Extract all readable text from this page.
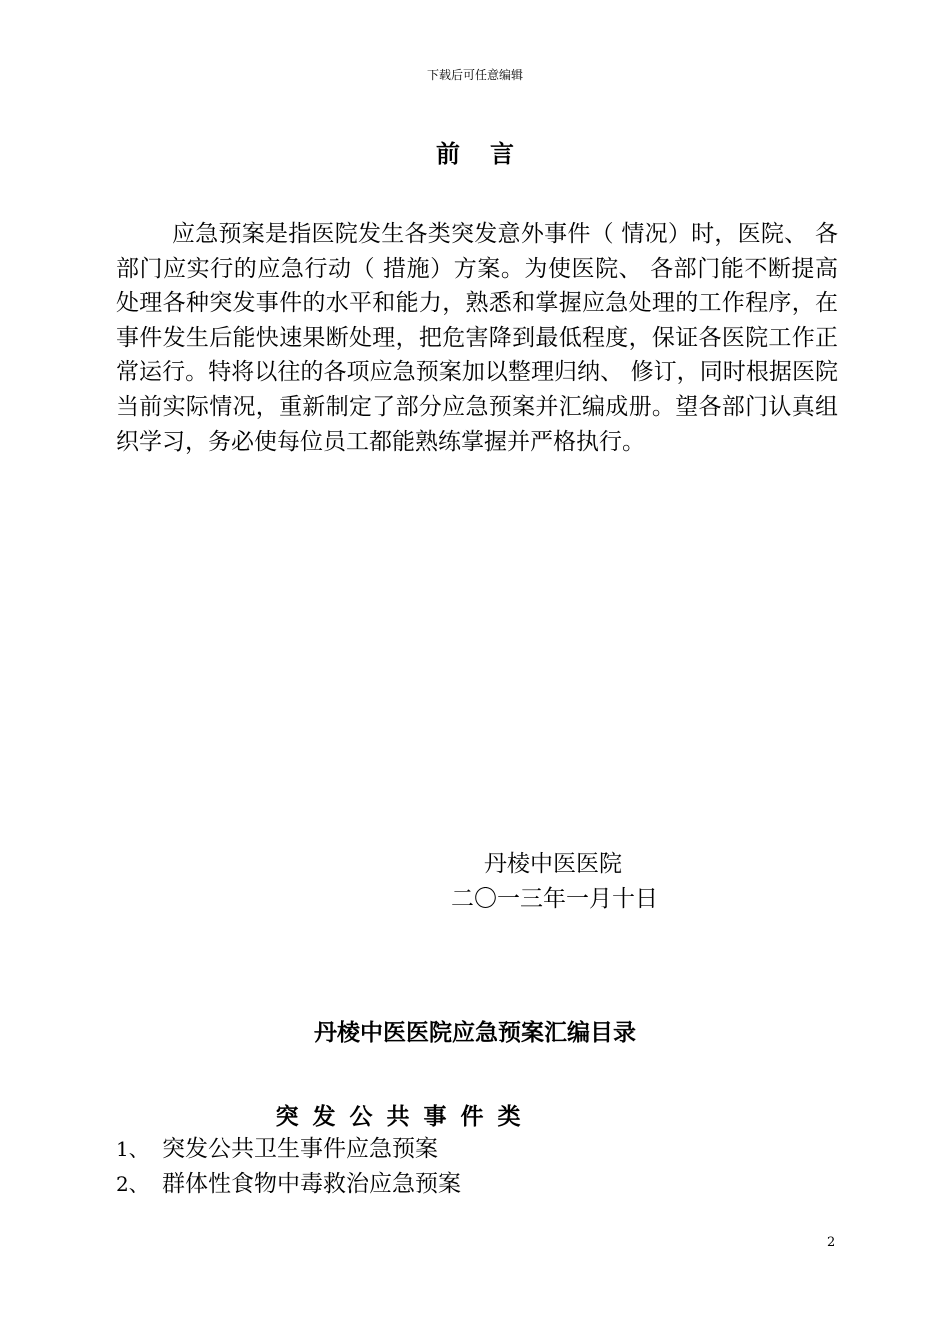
下载后可任意编辑
前言

应急预案是指医院发生各类突发意外事件（ 情况）时，医院、 各部门应实行的应急行动（ 措施）方案。为使医院、 各部门能不断提高处理各种突发事件的水平和能力，熟悉和掌握应急处理的工作程序，在事件发生后能快速果断处理，把危害降到最低程度，保证各医院工作正常运行。特将以往的各项应急预案加以整理归纳、 修订，同时根据医院当前实际情况，重新制定了部分应急预案并汇编成册。望各部门认真组织学习，务必使每位员工都能熟练掌握并严格执行。

丹棱中医医院
二〇一三年一月十日
丹棱中医医院应急预案汇编目录
突发公共事件类
1、 突发公共卫生事件应急预案
2、 群体性食物中毒救治应急预案
2
